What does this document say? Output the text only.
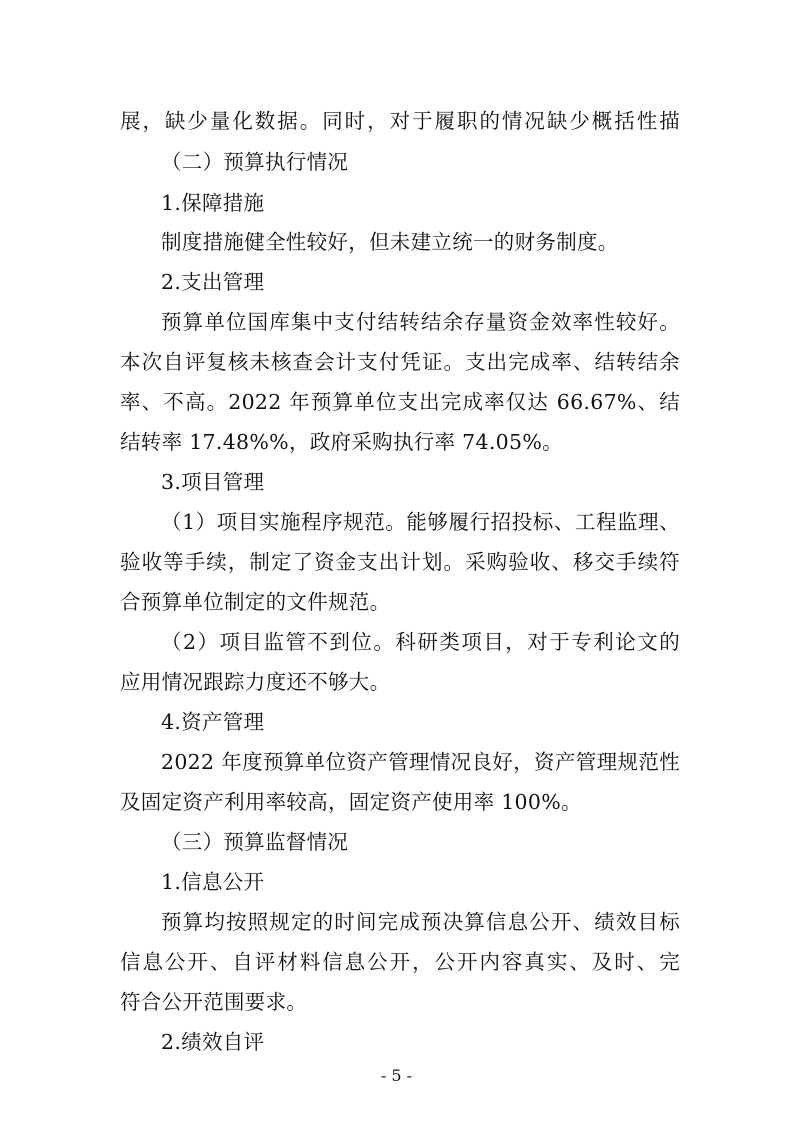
展，缺少量化数据。同时，对于履职的情况缺少概括性描
（二）预算执行情况
1.保障措施
制度措施健全性较好，但未建立统一的财务制度。
2.支出管理
预算单位国库集中支付结转结余存量资金效率性较好。
本次自评复核未核查会计支付凭证。支出完成率、结转结余
率、不高。2022 年预算单位支出完成率仅达 66.67%、结
结转率 17.48%%，政府采购执行率 74.05%。
3.项目管理
（1）项目实施程序规范。能够履行招投标、工程监理、
验收等手续，制定了资金支出计划。采购验收、移交手续符
合预算单位制定的文件规范。
（2）项目监管不到位。科研类项目，对于专利论文的
应用情况跟踪力度还不够大。
4.资产管理
2022 年度预算单位资产管理情况良好，资产管理规范性
及固定资产利用率较高，固定资产使用率 100%。
（三）预算监督情况
1.信息公开
预算均按照规定的时间完成预决算信息公开、绩效目标
信息公开、自评材料信息公开，公开内容真实、及时、完
符合公开范围要求。
2.绩效自评
- 5 -
